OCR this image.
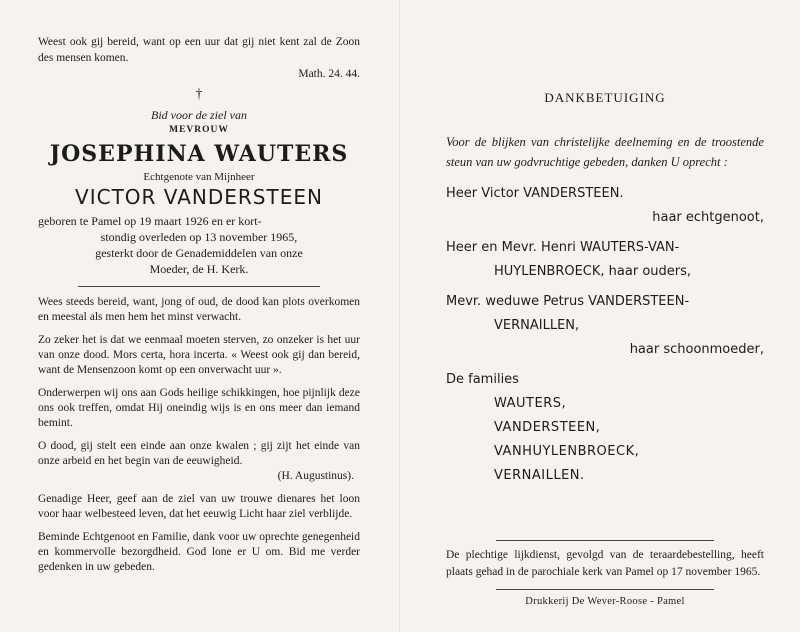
Weest ook gij bereid, want op een uur dat gij niet kent zal de Zoon des mensen komen.
Math. 24. 44.
†
Bid voor de ziel van
MEVROUW
JOSEPHINA WAUTERS
Echtgenote van Mijnheer
VICTOR VANDERSTEEN
geboren te Pamel op 19 maart 1926 en er kort-
stondig overleden op 13 november 1965,
gesterkt door de Genademiddelen van onze
Moeder, de H. Kerk.

Wees steeds bereid, want, jong of oud, de dood kan plots overkomen en meestal als men hem het minst verwacht.

Zo zeker het is dat we eenmaal moeten sterven, zo onzeker is het uur van onze dood. Mors certa, hora incerta. « Weest ook gij dan bereid, want de Mensenzoon komt op een onverwacht uur ».

Onderwerpen wij ons aan Gods heilige schikkingen, hoe pijnlijk deze ons ook treffen, omdat Hij oneindig wijs is en ons meer dan iemand bemint.

O dood, gij stelt een einde aan onze kwalen ; gij zijt het einde van onze arbeid en het begin van de eeuwigheid.

(H. Augustinus).

Genadige Heer, geef aan de ziel van uw trouwe dienares het loon voor haar welbesteed leven, dat het eeuwig Licht haar ziel verblijde.

Beminde Echtgenoot en Familie, dank voor uw oprechte genegenheid en kommervolle bezorgdheid. God lone er U om. Bid me verder gedenken in uw gebeden.

DANKBETUIGING
Voor de blijken van christelijke deelneming en de troostende steun van uw godvruchtige gebeden, danken U oprecht :
Heer Victor VANDERSTEEN.
haar echtgenoot,
Heer en Mevr. Henri WAUTERS-VAN-
HUYLENBROECK, haar ouders,
Mevr. weduwe Petrus VANDERSTEEN-
VERNAILLEN,
haar schoonmoeder,
De families
WAUTERS,
VANDERSTEEN,
VANHUYLENBROECK,
VERNAILLEN.
De plechtige lijkdienst, gevolgd van de teraardebestelling, heeft plaats gehad in de parochiale kerk van Pamel op 17 november 1965.
Drukkerij De Wever-Roose - Pamel
